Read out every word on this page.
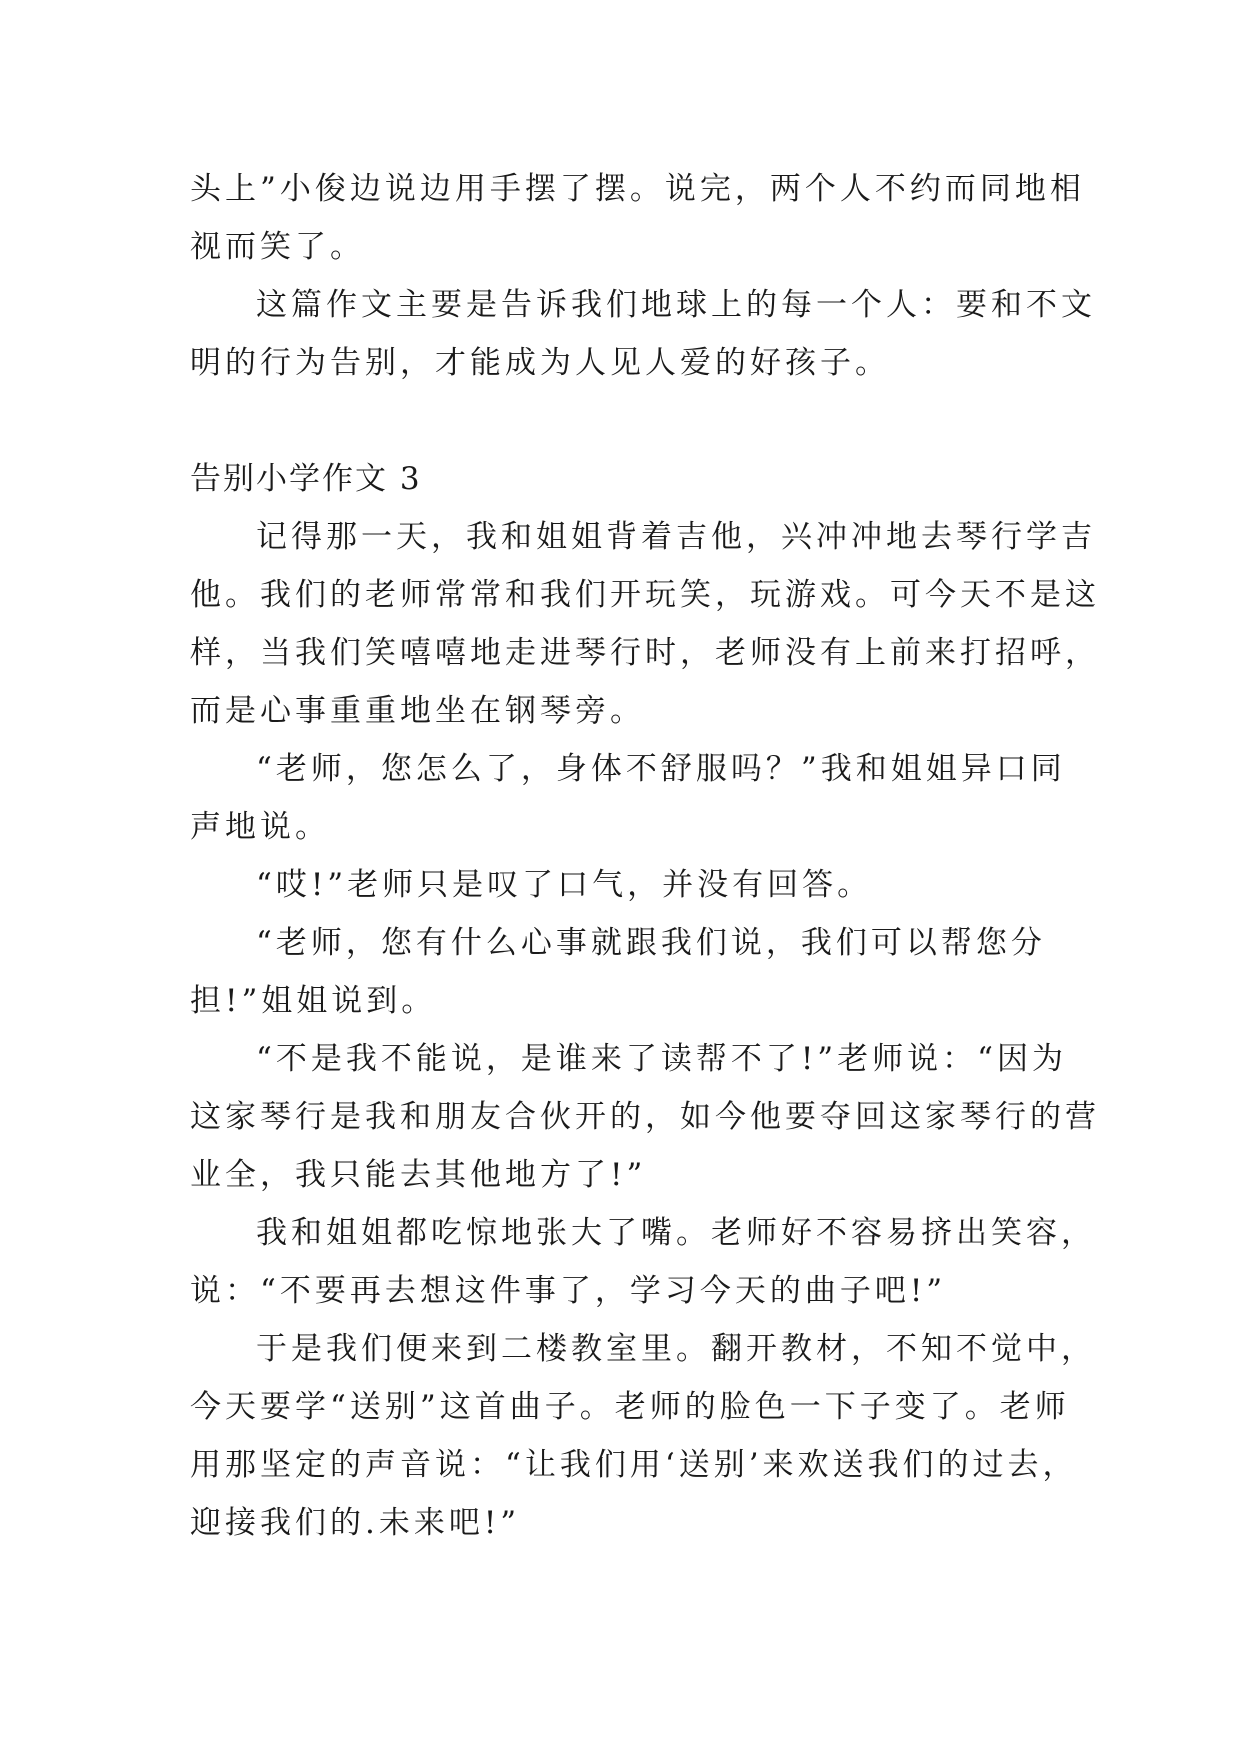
头上”小俊边说边用手摆了摆。说完，两个人不约而同地相
视而笑了。
这篇作文主要是告诉我们地球上的每一个人：要和不文
明的行为告别，才能成为人见人爱的好孩子。
告别小学作文 3
记得那一天，我和姐姐背着吉他，兴冲冲地去琴行学吉
他。我们的老师常常和我们开玩笑，玩游戏。可今天不是这
样，当我们笑嘻嘻地走进琴行时，老师没有上前来打招呼，
而是心事重重地坐在钢琴旁。
“老师，您怎么了，身体不舒服吗？”我和姐姐异口同
声地说。
“哎!”老师只是叹了口气，并没有回答。
“老师，您有什么心事就跟我们说，我们可以帮您分
担!”姐姐说到。
“不是我不能说，是谁来了读帮不了!”老师说：“因为
这家琴行是我和朋友合伙开的，如今他要夺回这家琴行的营
业全，我只能去其他地方了!”
我和姐姐都吃惊地张大了嘴。老师好不容易挤出笑容，
说：“不要再去想这件事了，学习今天的曲子吧!”
于是我们便来到二楼教室里。翻开教材，不知不觉中，
今天要学“送别”这首曲子。老师的脸色一下子变了。老师
用那坚定的声音说：“让我们用‘送别’来欢送我们的过去，
迎接我们的.未来吧!”
